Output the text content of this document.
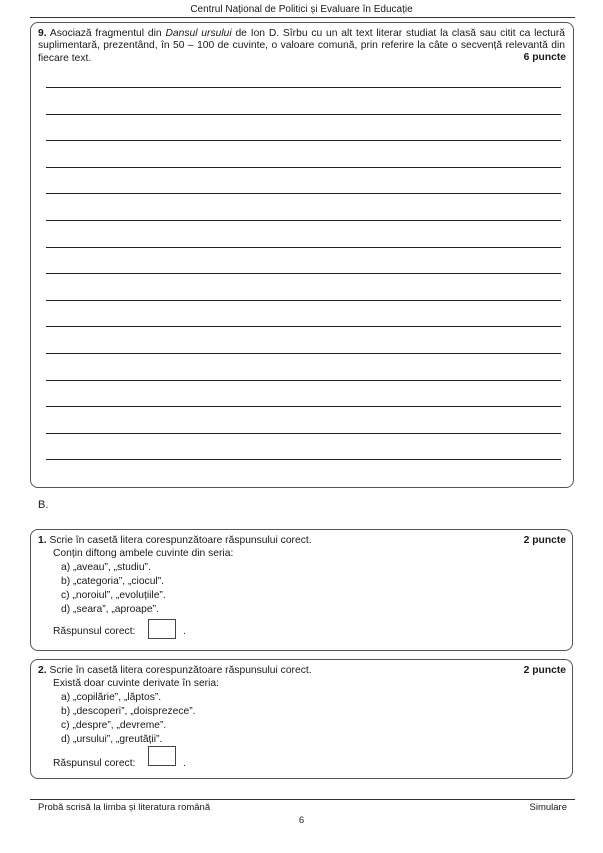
Centrul Național de Politici și Evaluare în Educație
9. Asociază fragmentul din Dansul ursului de Ion D. Sîrbu cu un alt text literar studiat la clasă sau citit ca lectură suplimentară, prezentând, în 50 – 100 de cuvinte, o valoare comună, prin referire la câte o secvență relevantă din fiecare text.	6 puncte
B.
1. Scrie în casetă litera corespunzătoare răspunsului corect.	2 puncte
Conțin diftong ambele cuvinte din seria:
a) „aveau”, „studiu”.
b) „categoria”, „ciocul”.
c) „noroiul”, „evoluțiile”.
d) „seara”, „aproape”.
Răspunsul corect:	.
2. Scrie în casetă litera corespunzătoare răspunsului corect.	2 puncte
Există doar cuvinte derivate în seria:
a) „copilărie”, „lăptos”.
b) „descoperi”, „doisprezece”.
c) „despre”, „devreme”.
d) „ursului”, „greutății”.
Răspunsul corect:	.
Probă scrisă la limba și literatura română	Simulare
6
